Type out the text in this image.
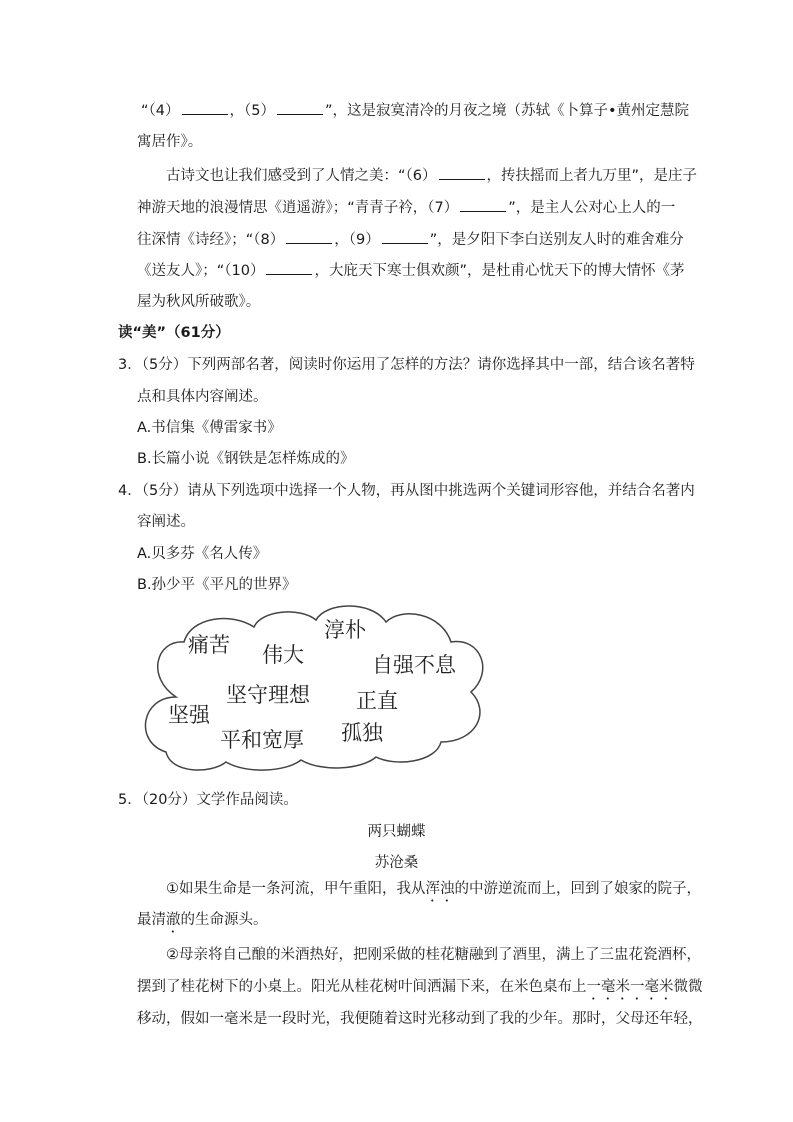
“（4）	，（5）	”，这是寂寞清冷的月夜之境（苏轼《卜算子•黄州定慧院
寓居作》。
古诗文也让我们感受到了人情之美：“（6）	，抟扶摇而上者九万里”，是庄子
神游天地的浪漫情思《逍遥游》；“青青子衿，（7）	”，是主人公对心上人的一
往深情《诗经》；“（8）	，（9）	”，是夕阳下李白送别友人时的难舍难分
《送友人》；“（10）	，大庇天下寒士俱欢颜”，是杜甫心忧天下的博大情怀《茅
屋为秋风所破歌》。
读“美”（61分）
3．（5分）下列两部名著，阅读时你运用了怎样的方法？请你选择其中一部，结合该名著特
点和具体内容阐述。
A.书信集《傅雷家书》
B.长篇小说《钢铁是怎样炼成的》
4．（5分）请从下列选项中选择一个人物，再从图中挑选两个关键词形容他，并结合名著内
容阐述。
A.贝多芬《名人传》
B.孙少平《平凡的世界》
痛苦 伟大
淳朴
自强不息
坚守理想 正直
坚强
平和宽厚 孤独
5．（20分）文学作品阅读。
两只蝴蝶
苏沧桑
①如果生命是一条河流，甲午重阳，我从浑浊的中游逆流而上，回到了娘家的院子，
最清澈的生命源头。
②母亲将自己酿的米酒热好，把刚采做的桂花糖融到了酒里，满上了三盅花瓷酒杯，
摆到了桂花树下的小桌上。阳光从桂花树叶间洒漏下来，在米色桌布上一毫米一毫米微微
移动，假如一毫米是一段时光，我便随着这时光移动到了我的少年。那时，父母还年轻，
